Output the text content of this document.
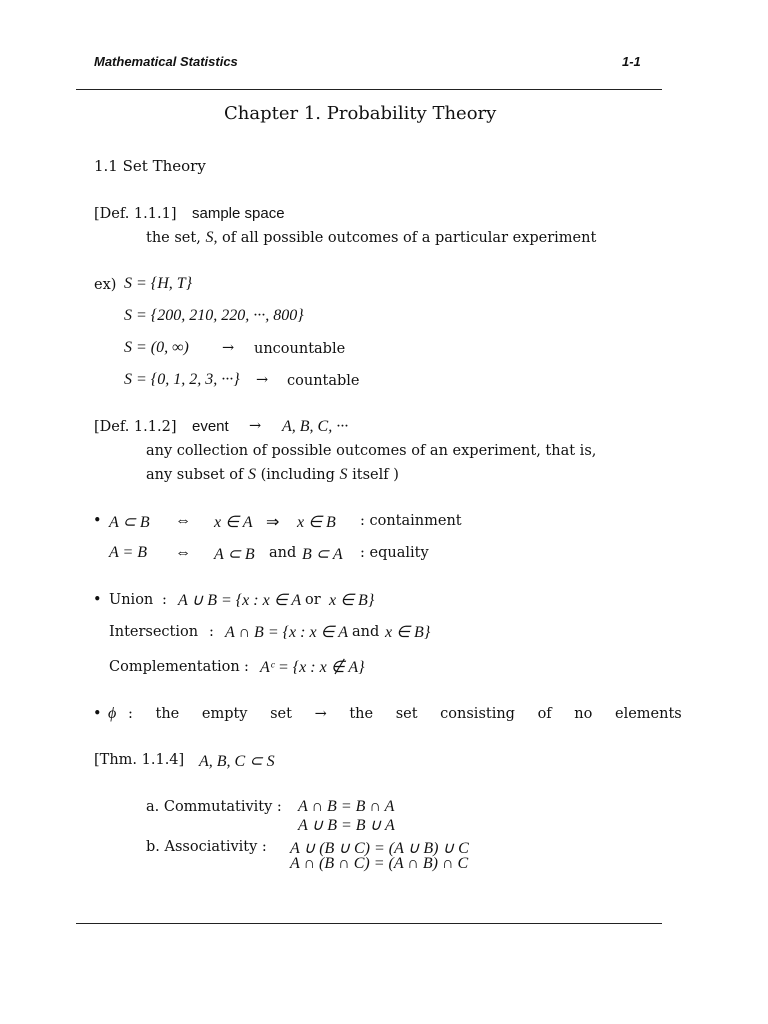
Mathematical Statistics	1-1
Chapter 1. Probability Theory
1.1 Set Theory
[Def. 1.1.1] sample space
the set, S, of all possible outcomes of a particular experiment
ex) S = {H, T}
S = {200, 210, 220, ···, 800}
S = (0, ∞) → uncountable
S = {0, 1, 2, 3, ···} → countable
[Def. 1.1.2] event → A, B, C, ···
any collection of possible outcomes of an experiment, that is,
any subset of S (including S itself )
• A ⊂ B ⇔ x ∈ A ⇒ x ∈ B : containment
A = B ⇔ A ⊂ B and B ⊂ A : equality
• Union : A ∪ B = {x : x ∈ A or x ∈ B}
Intersection : A ∩ B = {x : x ∈ A and x ∈ B}
Complementation : Aᶜ = {x : x ∉ A}
• ϕ : the empty set → the set consisting of no elements
[Thm. 1.1.4] A, B, C ⊂ S
a. Commutativity : A ∩ B = B ∩ A
A ∪ B = B ∪ A
b. Associativity : A ∪ (B ∪ C) = (A ∪ B) ∪ C
A ∩ (B ∩ C) = (A ∩ B) ∩ C
